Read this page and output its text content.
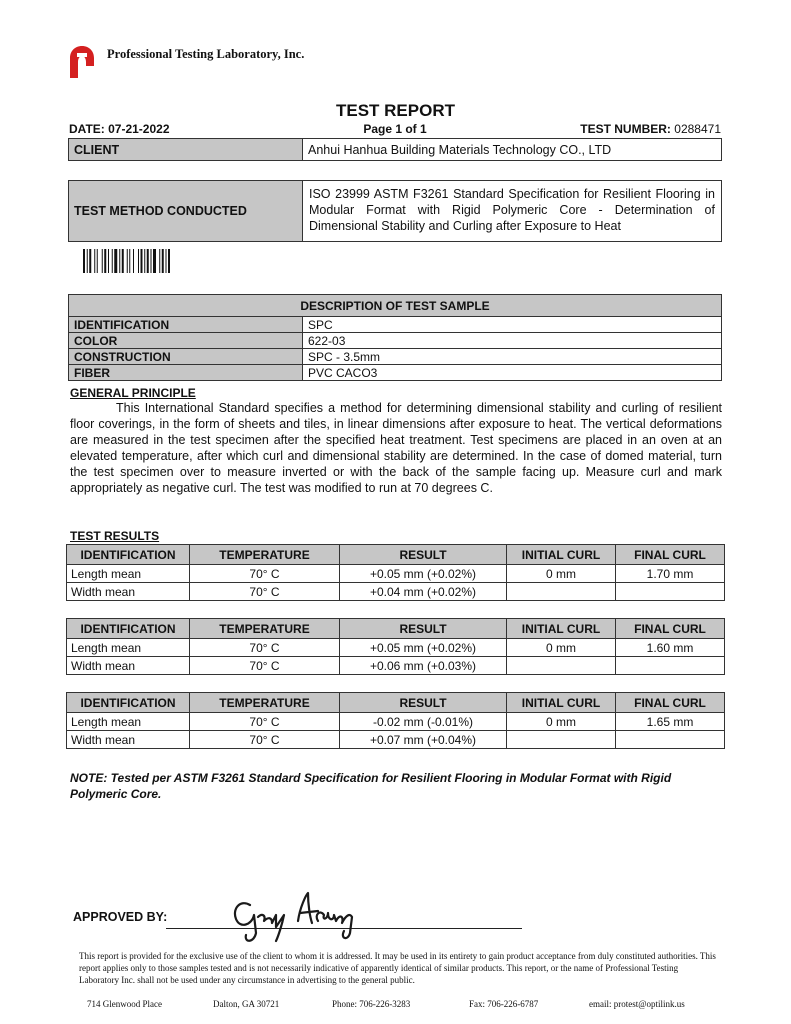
Professional Testing Laboratory, Inc.
TEST REPORT
DATE: 07-21-2022	Page 1 of 1	TEST NUMBER: 0288471
CLIENT	Anhui Hanhua Building Materials Technology CO., LTD
TEST METHOD CONDUCTED	ISO 23999 ASTM F3261 Standard Specification for Resilient Flooring in Modular Format with Rigid Polymeric Core - Determination of Dimensional Stability and Curling after Exposure to Heat
DESCRIPTION OF TEST SAMPLE	
IDENTIFICATION	SPC
COLOR	622-03
CONSTRUCTION	SPC - 3.5mm
FIBER	PVC CACO3
GENERAL PRINCIPLE
This International Standard specifies a method for determining dimensional stability and curling of resilient floor coverings, in the form of sheets and tiles, in linear dimensions after exposure to heat. The vertical deformations are measured in the test specimen after the specified heat treatment. Test specimens are placed in an oven at an elevated temperature, after which curl and dimensional stability are determined. In the case of domed material, turn the test specimen over to measure inverted or with the back of the sample facing up. Measure curl and mark appropriately as negative curl. The test was modified to run at 70 degrees C.
TEST RESULTS
IDENTIFICATION	TEMPERATURE	RESULT	INITIAL CURL	FINAL CURL
Length mean	70° C	+0.05 mm (+0.02%)	0 mm	1.70 mm
Width mean	70° C	+0.04 mm (+0.02%)		
IDENTIFICATION	TEMPERATURE	RESULT	INITIAL CURL	FINAL CURL
Length mean	70° C	+0.05 mm (+0.02%)	0 mm	1.60 mm
Width mean	70° C	+0.06 mm (+0.03%)		
IDENTIFICATION	TEMPERATURE	RESULT	INITIAL CURL	FINAL CURL
Length mean	70° C	-0.02 mm (-0.01%)	0 mm	1.65 mm
Width mean	70° C	+0.07 mm (+0.04%)		
NOTE: Tested per ASTM F3261 Standard Specification for Resilient Flooring in Modular Format with Rigid Polymeric Core.
APPROVED BY:
This report is provided for the exclusive use of the client to whom it is addressed. It may be used in its entirety to gain product acceptance from duly constituted authorities. This report applies only to those samples tested and is not necessarily indicative of apparently identical of similar products. This report, or the name of Professional Testing Laboratory Inc. shall not be used under any circumstance in advertising to the general public.
714 Glenwood Place	Dalton, GA 30721	Phone: 706-226-3283	Fax: 706-226-6787	email: protest@optilink.us
